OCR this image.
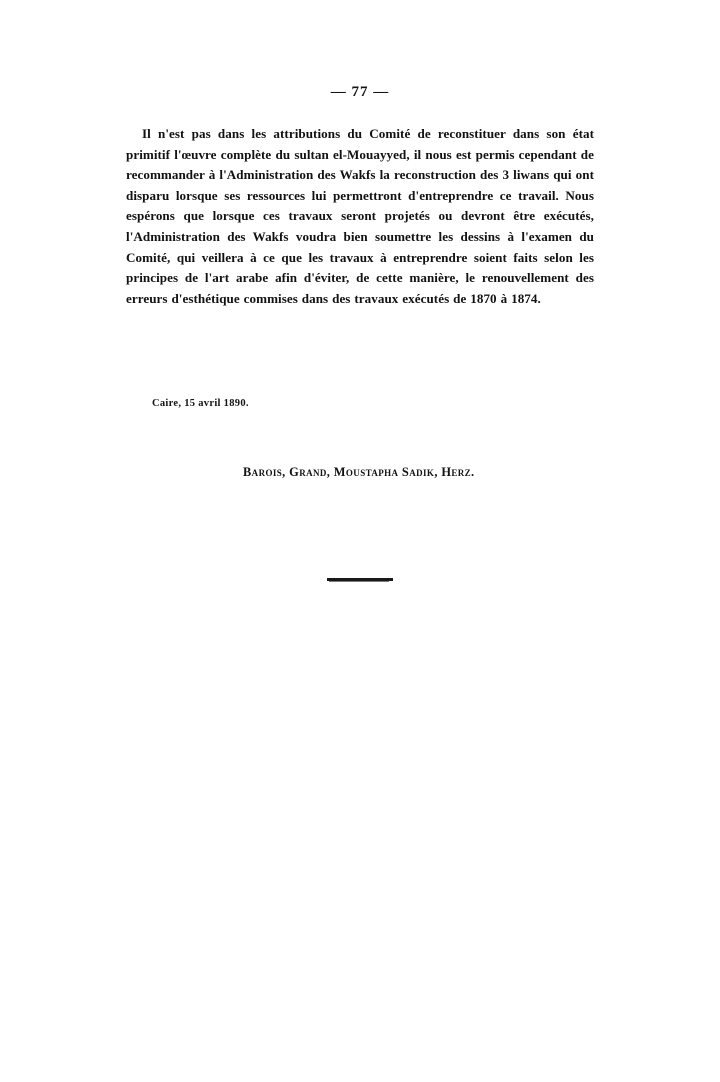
— 77 —

Il n'est pas dans les attributions du Comité de reconstituer dans son état primitif l'œuvre complète du sultan el-Mouayyed, il nous est permis cependant de recommander à l'Administration des Wakfs la reconstruction des 3 liwans qui ont disparu lorsque ses ressources lui permettront d'entreprendre ce travail. Nous espérons que lorsque ces travaux seront projetés ou devront être exécutés, l'Administration des Wakfs voudra bien soumettre les dessins à l'examen du Comité, qui veillera à ce que les travaux à entreprendre soient faits selon les principes de l'art arabe afin d'éviter, de cette manière, le renouvellement des erreurs d'esthétique commises dans des travaux exécutés de 1870 à 1874.

Caire, 15 avril 1890.
Barois, Grand, Moustapha Sadik, Herz.
